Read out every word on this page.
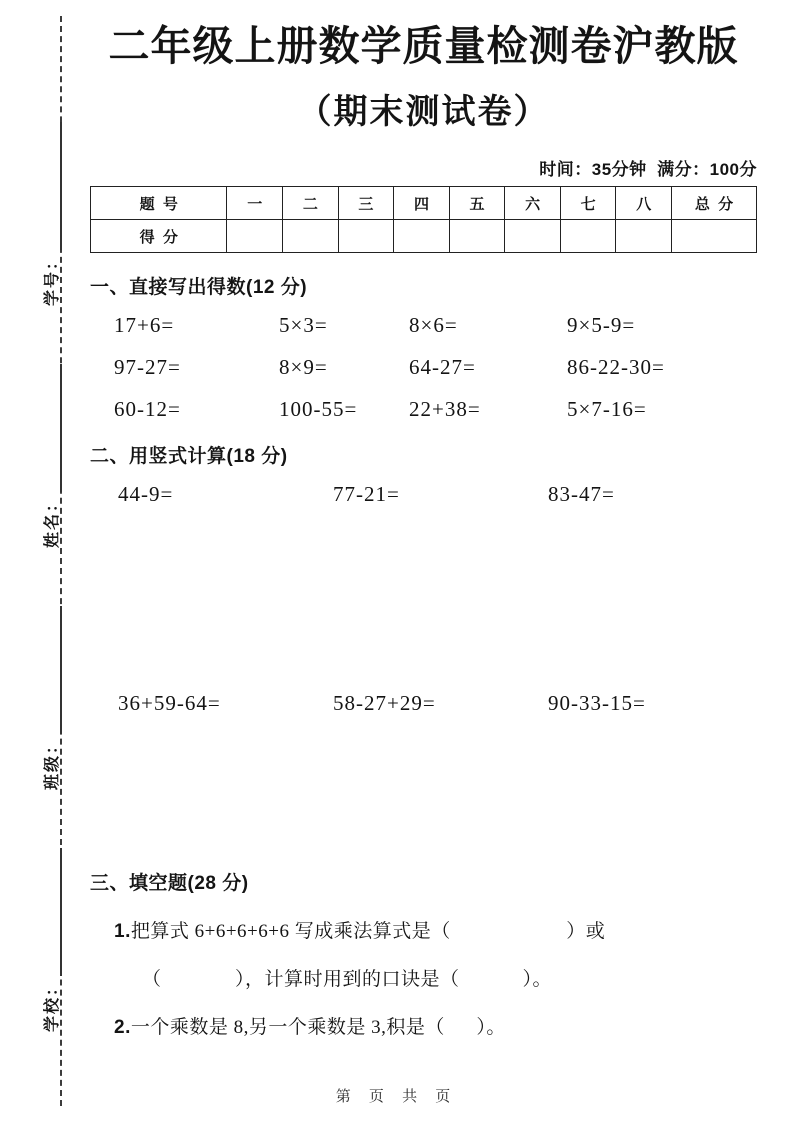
学校：
班级：
姓名：
学号：
二年级上册数学质量检测卷沪教版
（期末测试卷）
时间：35分钟  满分：100分
题  号	一	二	三	四	五	六	七	八	总  分
得  分									
一、直接写出得数(12 分)
17+6=	5×3=	8×6=	9×5-9=
97-27=	8×9=	64-27=	86-22-30=
60-12=	100-55=	22+38=	5×7-16=
二、用竖式计算(18 分)
44-9=	77-21=	83-47=
36+59-64=	58-27+29=	90-33-15=
三、填空题(28 分)
1.把算式 6+6+6+6+6 写成乘法算式是（                      ）或
（              ），计算时用到的口诀是（            ）。
2.一个乘数是 8,另一个乘数是 3,积是（      ）。
第 页 共 页
